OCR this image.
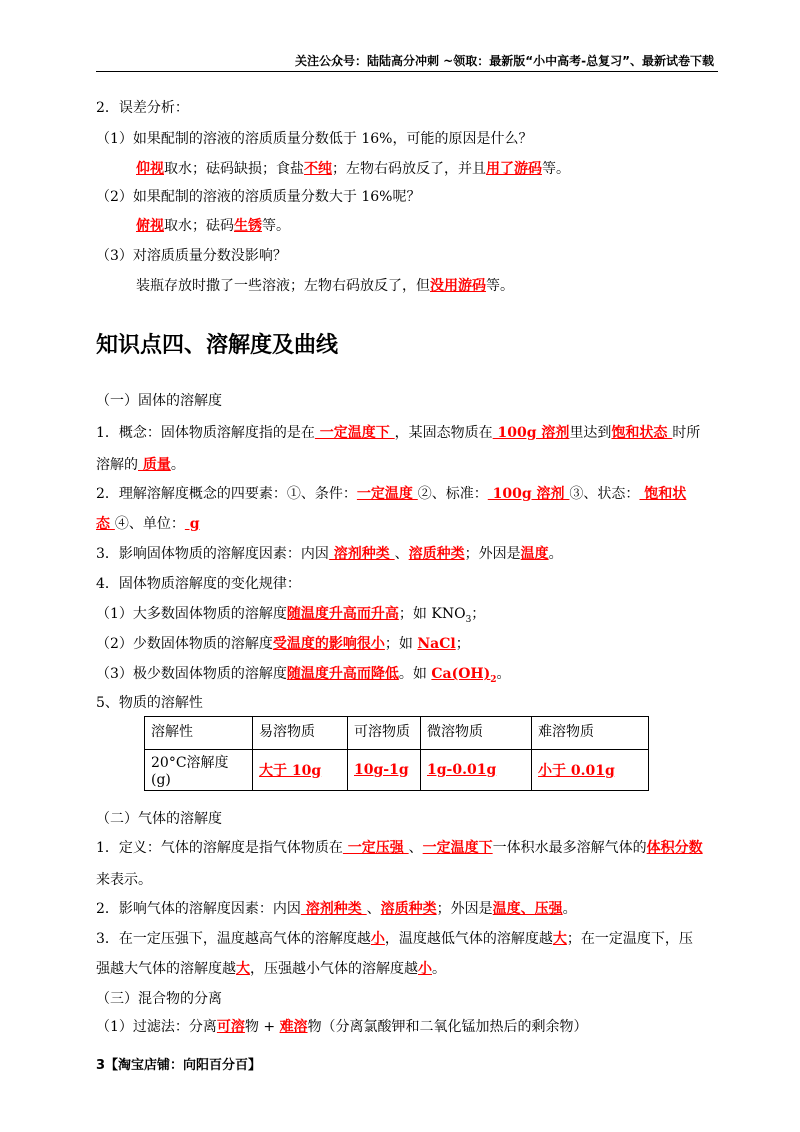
关注公众号：陆陆高分冲刺 ~领取：最新版“小中高考-总复习”、最新试卷下载
2．误差分析：
（1）如果配制的溶液的溶质质量分数低于 16%，可能的原因是什么？
仰视取水；砝码缺损；食盐不纯；左物右码放反了，并且用了游码等。
（2）如果配制的溶液的溶质质量分数大于 16%呢？
俯视取水；砝码生锈等。
（3）对溶质质量分数没影响？
装瓶存放时撒了一些溶液；左物右码放反了，但没用游码等。
知识点四、溶解度及曲线
（一）固体的溶解度
1．概念：固体物质溶解度指的是在 一定温度下 ，某固态物质在 100g 溶剂里达到饱和状态 时所
溶解的 质量。
2．理解溶解度概念的四要素：①、条件：一定温度 ②、标准： 100g 溶剂 ③、状态： 饱和状
态 ④、单位： g
3．影响固体物质的溶解度因素：内因 溶剂种类 、溶质种类；外因是温度。
4．固体物质溶解度的变化规律：
（1）大多数固体物质的溶解度随温度升高而升高；如 $KNO_3$；
（2）少数固体物质的溶解度受温度的影响很小；如 NaCl；
（3）极少数固体物质的溶解度随温度升高而降低。如 $Ca(OH)_2$。
5、物质的溶解性
溶解性	易溶物质	可溶物质	微溶物质	难溶物质
20°C溶解度(g)	大于 10g	10g-1g	1g-0.01g	小于 0.01g
（二）气体的溶解度
1．定义：气体的溶解度是指气体物质在 一定压强 、一定温度下一体积水最多溶解气体的体积分数
来表示。
2．影响气体的溶解度因素：内因 溶剂种类 、溶质种类；外因是温度、压强。
3．在一定压强下，温度越高气体的溶解度越小，温度越低气体的溶解度越大；在一定温度下，压
强越大气体的溶解度越大，压强越小气体的溶解度越小。
（三）混合物的分离
（1）过滤法：分离可溶物 + 难溶物（分离氯酸钾和二氧化锰加热后的剩余物）
3【淘宝店铺：向阳百分百】
